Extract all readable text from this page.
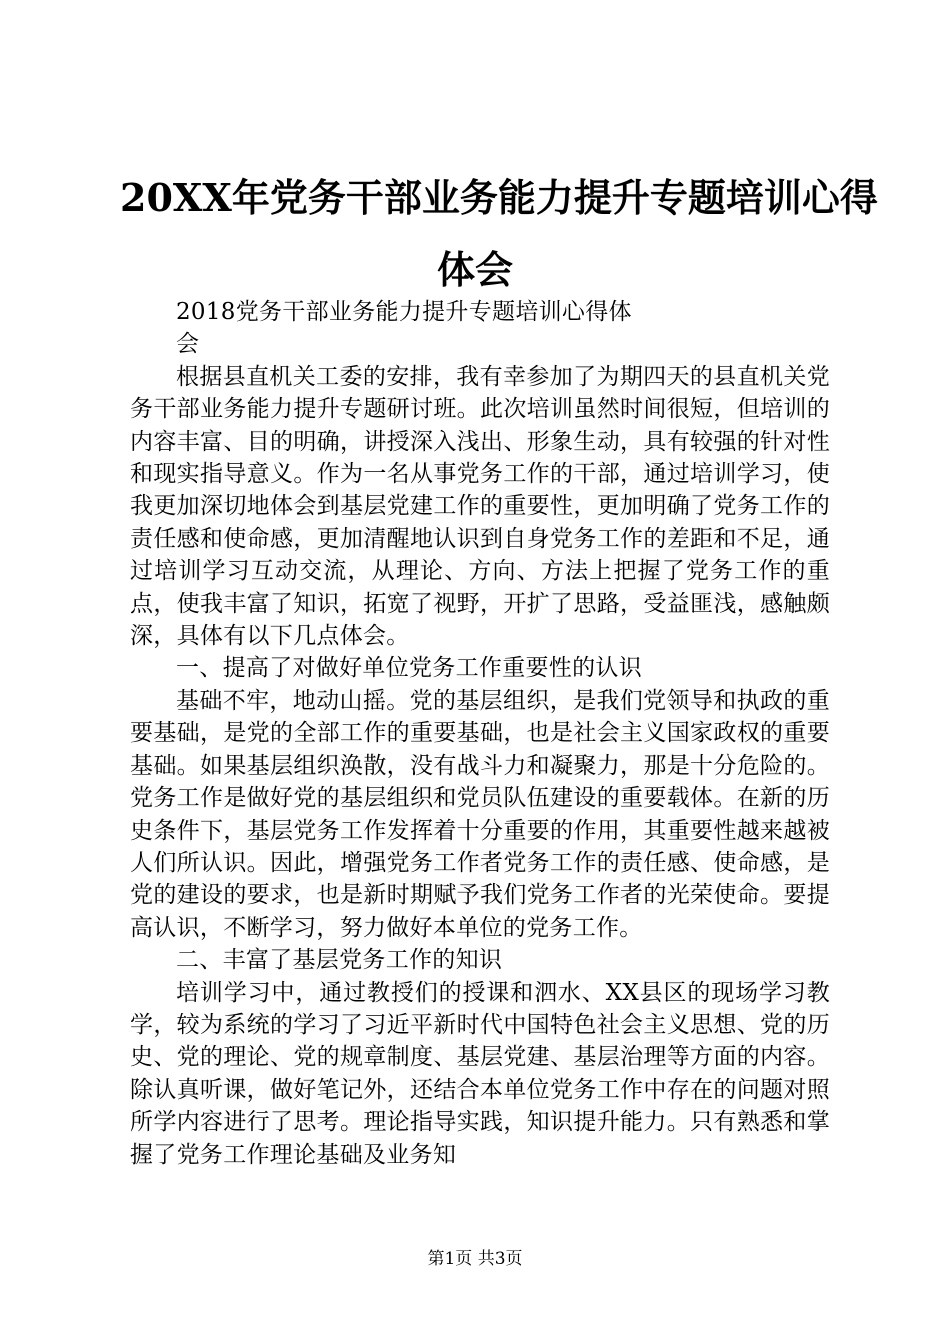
20XX年党务干部业务能力提升专题培训心得
体会

2018党务干部业务能力提升专题培训心得体会

根据县直机关工委的安排，我有幸参加了为期四天的县直机关党务干部业务能力提升专题研讨班。此次培训虽然时间很短，但培训的内容丰富、目的明确，讲授深入浅出、形象生动，具有较强的针对性和现实指导意义。作为一名从事党务工作的干部，通过培训学习，使我更加深切地体会到基层党建工作的重要性，更加明确了党务工作的责任感和使命感，更加清醒地认识到自身党务工作的差距和不足，通过培训学习互动交流，从理论、方向、方法上把握了党务工作的重点，使我丰富了知识，拓宽了视野，开扩了思路，受益匪浅，感触颇深，具体有以下几点体会。

一、提高了对做好单位党务工作重要性的认识

基础不牢，地动山摇。党的基层组织，是我们党领导和执政的重要基础，是党的全部工作的重要基础，也是社会主义国家政权的重要基础。如果基层组织涣散，没有战斗力和凝聚力，那是十分危险的。党务工作是做好党的基层组织和党员队伍建设的重要载体。在新的历史条件下，基层党务工作发挥着十分重要的作用，其重要性越来越被人们所认识。因此，增强党务工作者党务工作的责任感、使命感，是党的建设的要求，也是新时期赋予我们党务工作者的光荣使命。要提高认识，不断学习，努力做好本单位的党务工作。

二、丰富了基层党务工作的知识

培训学习中，通过教授们的授课和泗水、XX县区的现场学习教学，较为系统的学习了习近平新时代中国特色社会主义思想、党的历史、党的理论、党的规章制度、基层党建、基层治理等方面的内容。除认真听课，做好笔记外，还结合本单位党务工作中存在的问题对照所学内容进行了思考。理论指导实践，知识提升能力。只有熟悉和掌握了党务工作理论基础及业务知

第1页 共3页
